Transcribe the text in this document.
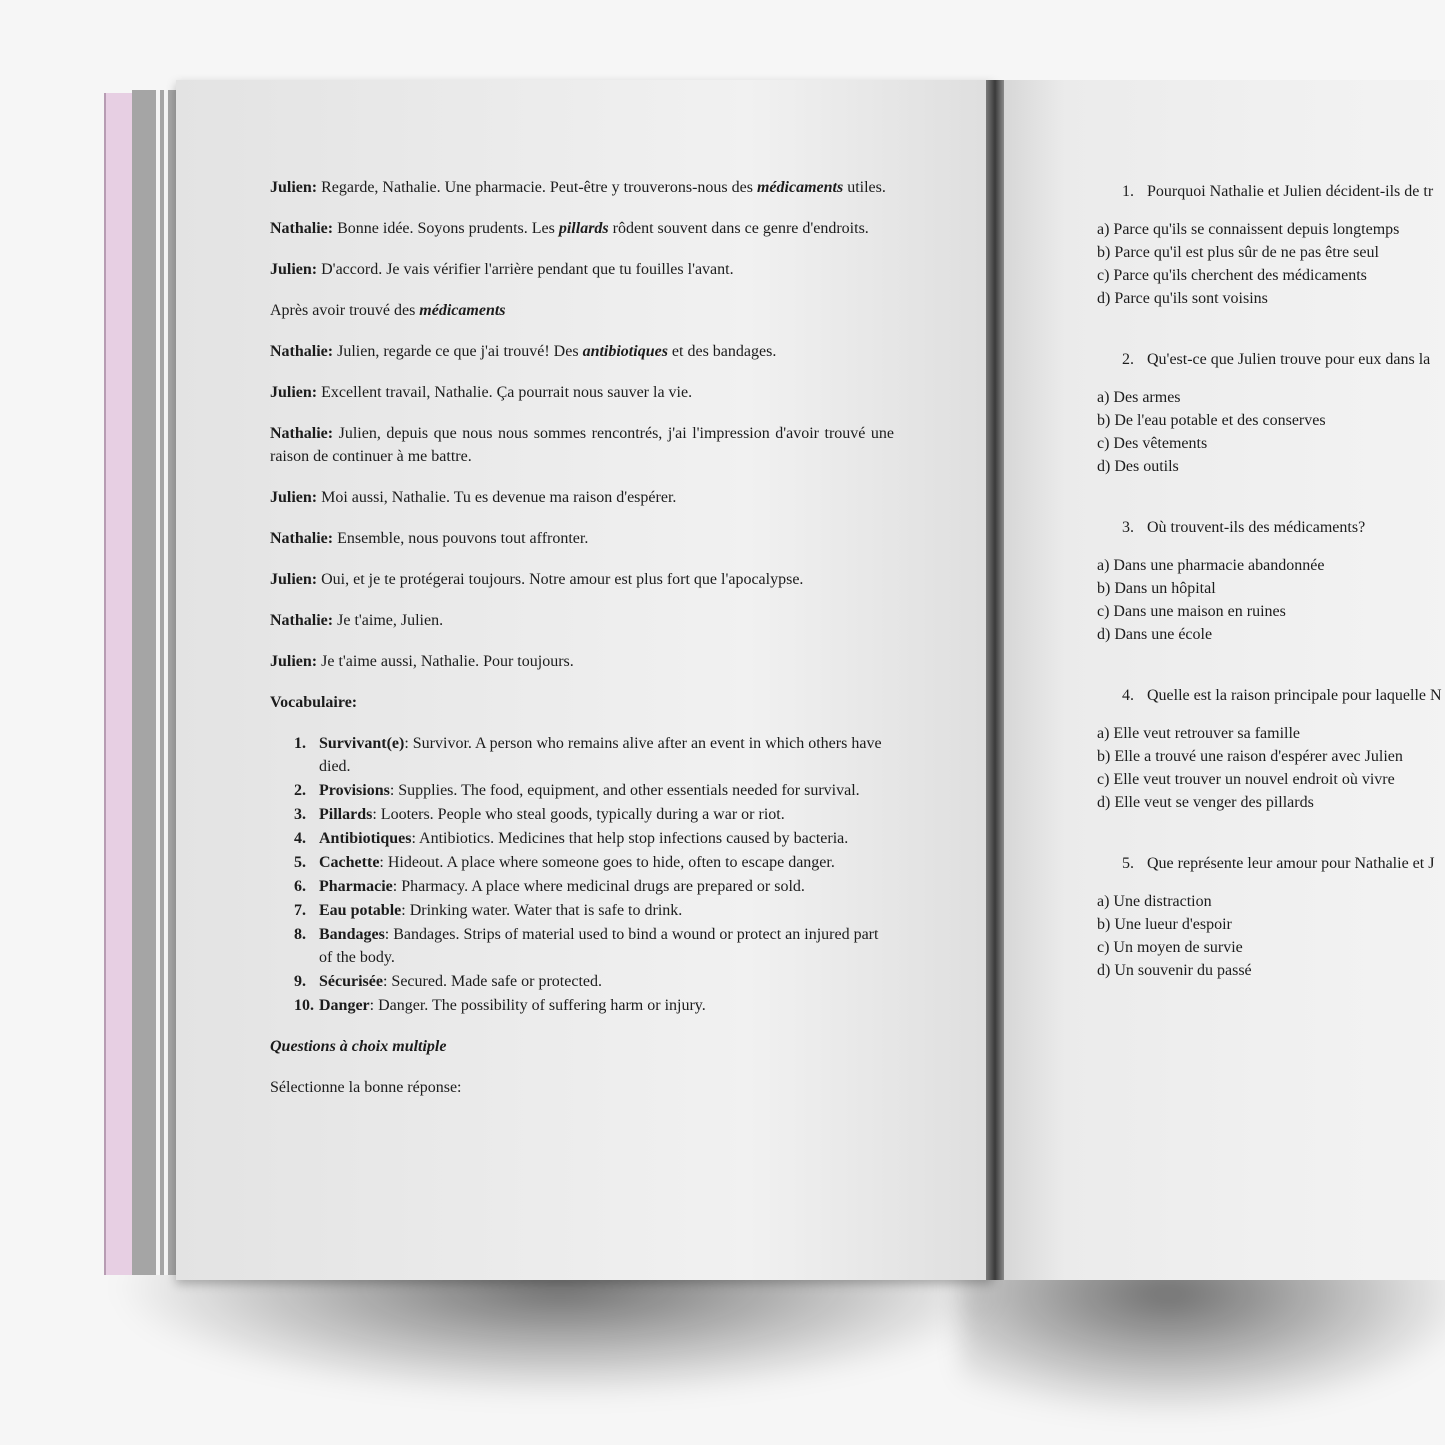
Julien: Regarde, Nathalie. Une pharmacie. Peut-être y trouverons-nous des médicaments utiles.
Nathalie: Bonne idée. Soyons prudents. Les pillards rôdent souvent dans ce genre d'endroits.
Julien: D'accord. Je vais vérifier l'arrière pendant que tu fouilles l'avant.
Après avoir trouvé des médicaments
Nathalie: Julien, regarde ce que j'ai trouvé! Des antibiotiques et des bandages.
Julien: Excellent travail, Nathalie. Ça pourrait nous sauver la vie.
Nathalie: Julien, depuis que nous nous sommes rencontrés, j'ai l'impression d'avoir trouvé une raison de continuer à me battre.
Julien: Moi aussi, Nathalie. Tu es devenue ma raison d'espérer.
Nathalie: Ensemble, nous pouvons tout affronter.
Julien: Oui, et je te protégerai toujours. Notre amour est plus fort que l'apocalypse.
Nathalie: Je t'aime, Julien.
Julien: Je t'aime aussi, Nathalie. Pour toujours.
Vocabulaire:
1. Survivant(e): Survivor. A person who remains alive after an event in which others have died.
2. Provisions: Supplies. The food, equipment, and other essentials needed for survival.
3. Pillards: Looters. People who steal goods, typically during a war or riot.
4. Antibiotiques: Antibiotics. Medicines that help stop infections caused by bacteria.
5. Cachette: Hideout. A place where someone goes to hide, often to escape danger.
6. Pharmacie: Pharmacy. A place where medicinal drugs are prepared or sold.
7. Eau potable: Drinking water. Water that is safe to drink.
8. Bandages: Bandages. Strips of material used to bind a wound or protect an injured part of the body.
9. Sécurisée: Secured. Made safe or protected.
10. Danger: Danger. The possibility of suffering harm or injury.
Questions à choix multiple
Sélectionne la bonne réponse:
1. Pourquoi Nathalie et Julien décident-ils de tr
a) Parce qu'ils se connaissent depuis longtemps
b) Parce qu'il est plus sûr de ne pas être seul
c) Parce qu'ils cherchent des médicaments
d) Parce qu'ils sont voisins
2. Qu'est-ce que Julien trouve pour eux dans la
a) Des armes
b) De l'eau potable et des conserves
c) Des vêtements
d) Des outils
3. Où trouvent-ils des médicaments?
a) Dans une pharmacie abandonnée
b) Dans un hôpital
c) Dans une maison en ruines
d) Dans une école
4. Quelle est la raison principale pour laquelle N
a) Elle veut retrouver sa famille
b) Elle a trouvé une raison d'espérer avec Julien
c) Elle veut trouver un nouvel endroit où vivre
d) Elle veut se venger des pillards
5. Que représente leur amour pour Nathalie et J
a) Une distraction
b) Une lueur d'espoir
c) Un moyen de survie
d) Un souvenir du passé
